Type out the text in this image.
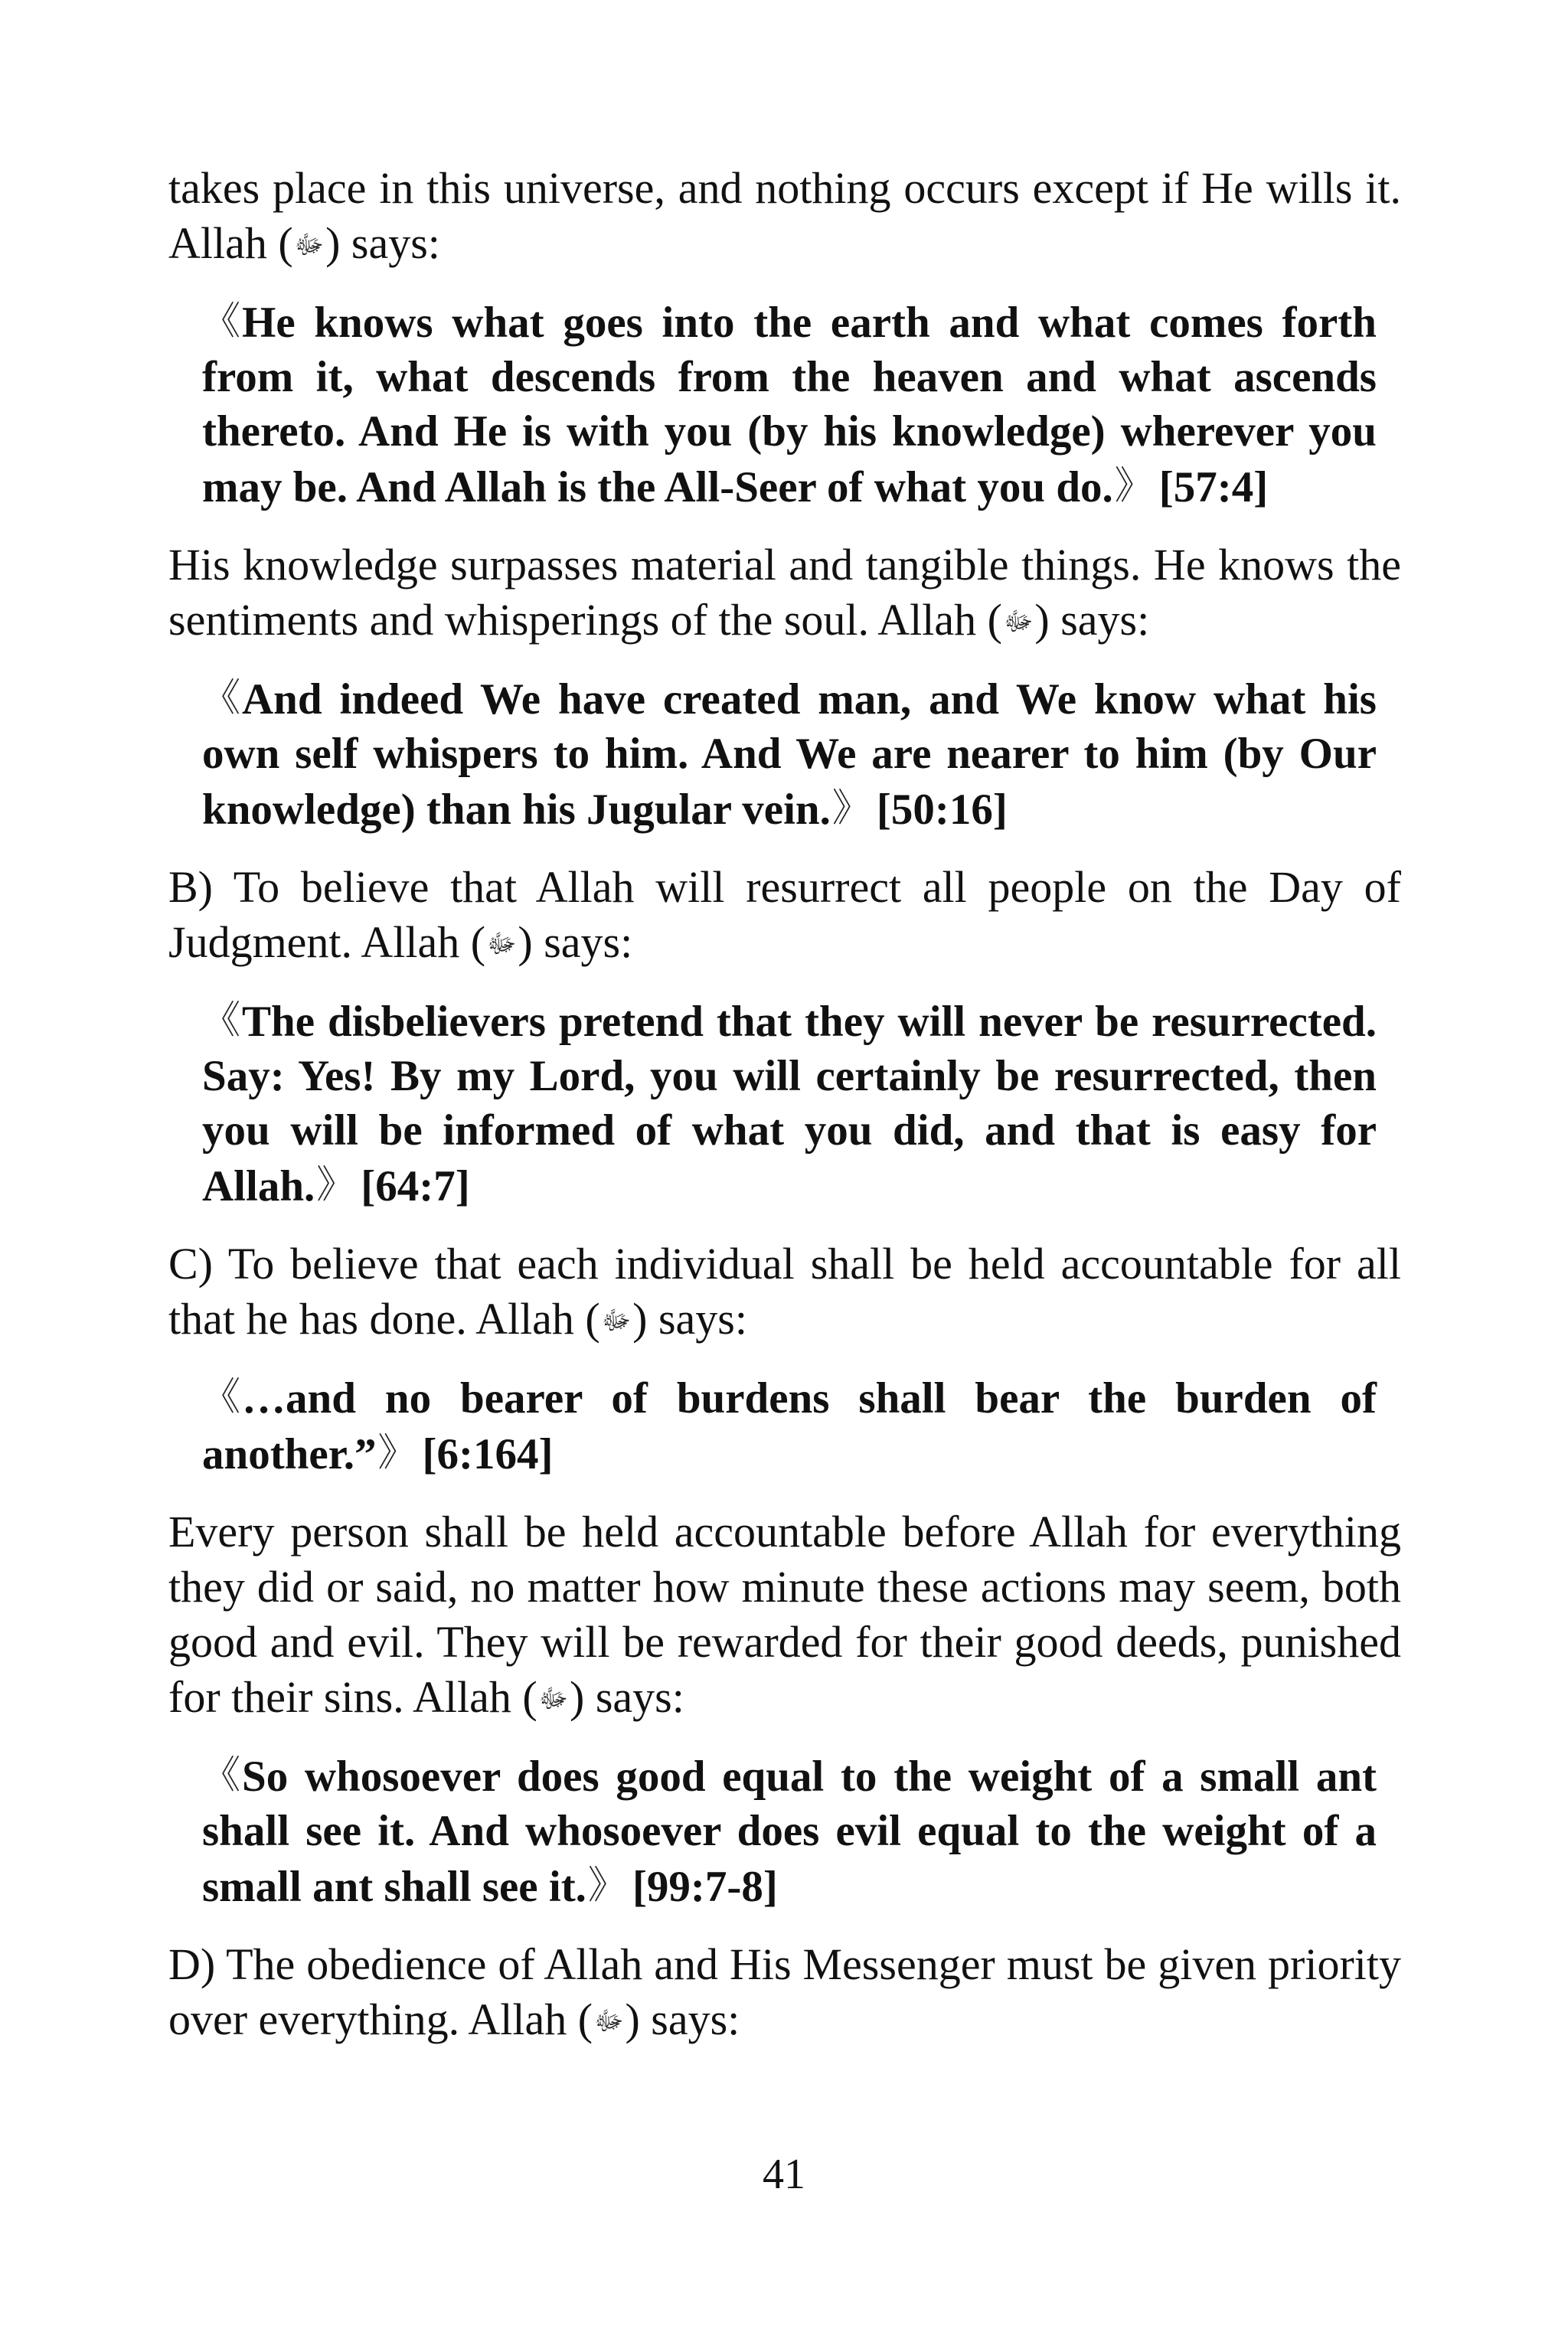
takes place in this universe, and nothing occurs except if He wills it. Allah (ﷻ) says:

《He knows what goes into the earth and what comes forth from it, what descends from the heaven and what ascends thereto. And He is with you (by his knowledge) wherever you may be. And Allah is the All-Seer of what you do.》 [57:4]

His knowledge surpasses material and tangible things. He knows the sentiments and whisperings of the soul. Allah (ﷻ) says:

《And indeed We have created man, and We know what his own self whispers to him. And We are nearer to him (by Our knowledge) than his Jugular vein.》 [50:16]

B) To believe that Allah will resurrect all people on the Day of Judgment. Allah (ﷻ) says:

《The disbelievers pretend that they will never be resurrected. Say: Yes! By my Lord, you will certainly be resurrected, then you will be informed of what you did, and that is easy for Allah.》 [64:7]

C) To believe that each individual shall be held accountable for all that he has done. Allah (ﷻ) says:

《…and no bearer of burdens shall bear the burden of another.”》 [6:164]

Every person shall be held accountable before Allah for everything they did or said, no matter how minute these actions may seem, both good and evil. They will be rewarded for their good deeds, punished for their sins. Allah (ﷻ) says:

《So whosoever does good equal to the weight of a small ant shall see it. And whosoever does evil equal to the weight of a small ant shall see it.》 [99:7-8]

D) The obedience of Allah and His Messenger must be given priority over everything. Allah (ﷻ) says:

41
